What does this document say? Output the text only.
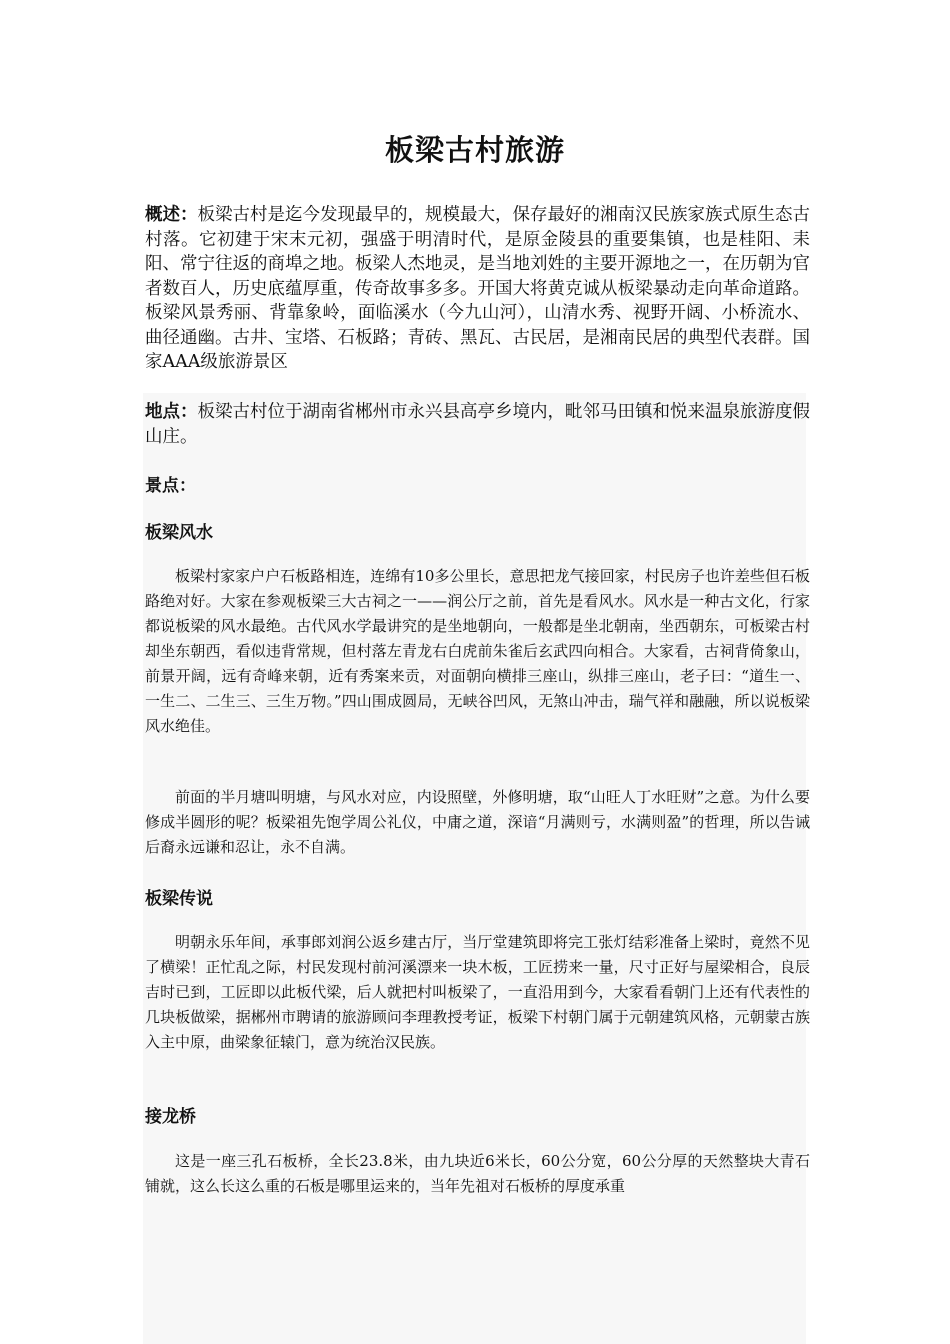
板梁古村旅游

概述：板梁古村是迄今发现最早的，规模最大，保存最好的湘南汉民族家族式原生态古村落。它初建于宋末元初，强盛于明清时代，是原金陵县的重要集镇，也是桂阳、耒 阳、常宁往返的商埠之地。板梁人杰地灵，是当地刘姓的主要开源地之一，在历朝为官者数百人，历史底蕴厚重，传奇故事多多。开国大将黄克诚从板梁暴动走向革命道路。板梁风景秀丽、背靠象岭，面临溪水（今九山河），山清水秀、视野开阔、小桥流水、曲径通幽。古井、宝塔、石板路；青砖、黑瓦、古民居，是湘南民居的典型代表群。国家AAA级旅游景区

地点：板梁古村位于湖南省郴州市永兴县高亭乡境内，毗邻马田镇和悦来温泉旅游度假山庄。

景点：

板梁风水

板梁村家家户户石板路相连，连绵有10多公里长，意思把龙气接回家，村民房子也许差些但石板路绝对好。大家在参观板梁三大古祠之一——润公厅之前，首先是看风水。风水是一种古文化，行家都说板梁的风水最绝。古代风水学最讲究的是坐地朝向，一般都是坐北朝南，坐西朝东，可板梁古村却坐东朝西，看似违背常规，但村落左青龙右白虎前朱雀后玄武四向相合。大家看，古祠背倚象山，前景开阔，远有奇峰来朝，近有秀案来贡，对面朝向横排三座山，纵排三座山，老子曰：“道生一、一生二、二生三、三生万物。”四山围成圆局，无峡谷凹风，无煞山冲击，瑞气祥和融融，所以说板梁风水绝佳。

前面的半月塘叫明塘，与风水对应，内设照壁，外修明塘，取“山旺人丁水旺财”之意。为什么要修成半圆形的呢？板梁祖先饱学周公礼仪，中庸之道，深谙“月满则亏，水满则盈”的哲理，所以告诫后裔永远谦和忍让，永不自满。

板梁传说

明朝永乐年间，承事郎刘润公返乡建古厅，当厅堂建筑即将完工张灯结彩准备上梁时，竟然不见了横梁！正忙乱之际，村民发现村前河溪漂来一块木板，工匠捞来一量，尺寸正好与屋梁相合，良辰吉时已到，工匠即以此板代梁，后人就把村叫板梁了，一直沿用到今，大家看看朝门上还有代表性的几块板做梁，据郴州市聘请的旅游顾问李理教授考证，板梁下村朝门属于元朝建筑风格，元朝蒙古族入主中原，曲梁象征辕门，意为统治汉民族。

接龙桥

这是一座三孔石板桥，全长23.8米，由九块近6米长，60公分宽，60公分厚的天然整块大青石铺就，这么长这么重的石板是哪里运来的，当年先祖对石板桥的厚度承重
